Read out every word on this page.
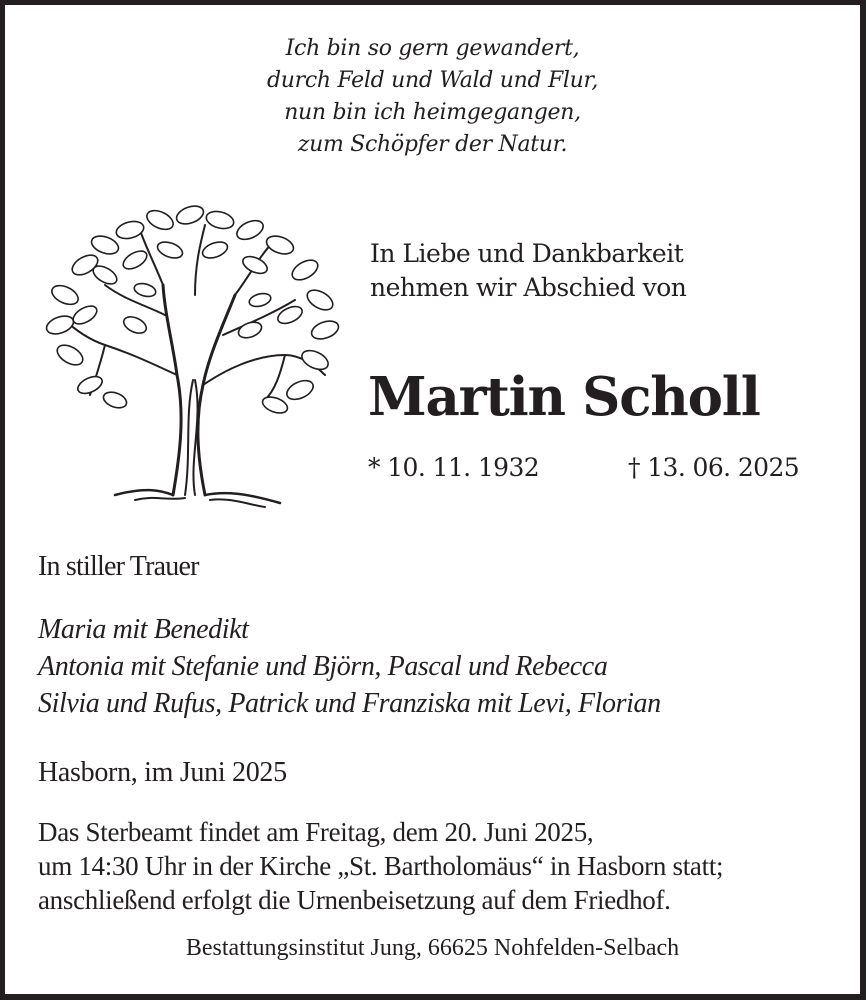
Ich bin so gern gewandert,
durch Feld und Wald und Flur,
nun bin ich heimgegangen,
zum Schöpfer der Natur.
In Liebe und Dankbarkeit
nehmen wir Abschied von
Martin Scholl
* 10. 11. 1932	† 13. 06. 2025
In stiller Trauer
Maria mit Benedikt
Antonia mit Stefanie und Björn, Pascal und Rebecca
Silvia und Rufus, Patrick und Franziska mit Levi, Florian
Hasborn, im Juni 2025
Das Sterbeamt findet am Freitag, dem 20. Juni 2025,
um 14:30 Uhr in der Kirche „St. Bartholomäus“ in Hasborn statt;
anschließend erfolgt die Urnenbeisetzung auf dem Friedhof.
Bestattungsinstitut Jung, 66625 Nohfelden-Selbach
